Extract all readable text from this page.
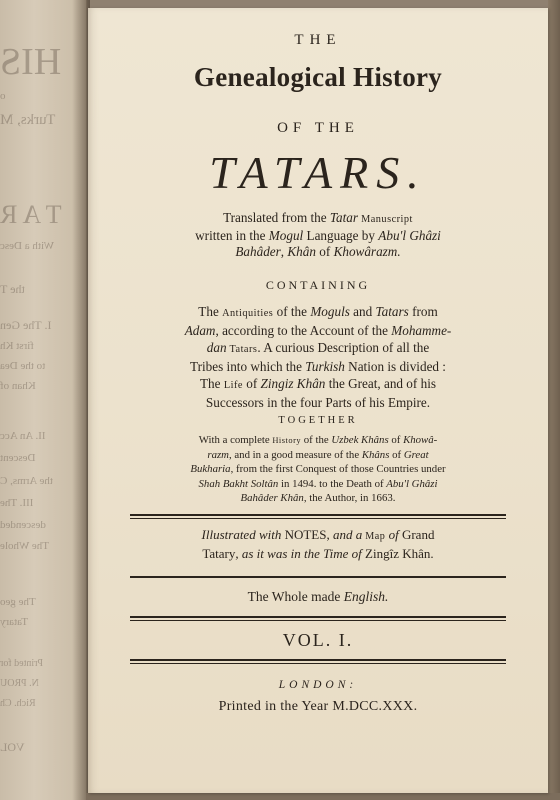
HIS
o
Turks, M
T A R
With a Desc
the T
I. The Gen
first Kh
to the Dea
Khan of
II. An Acc
Descent
the Arms, C
III. The
descended
The Whole
The geo
Tatary
Printed for
N. PROU
Rich. Ch
VOL
THE
Genealogical History
OF THE
TATARS.
Translated from the Tatar Manuscript
written in the Mogul Language by Abu'l Ghâzi
Bahâder, Khân of Khowârazm.
CONTAINING
The Antiquities of the Moguls and Tatars from
Adam, according to the Account of the Mohamme-
dan Tatars. A curious Description of all the
Tribes into which the Turkish Nation is divided :
The Life of Zingiz Khân the Great, and of his
Successors in the four Parts of his Empire.
TOGETHER
With a complete History of the Uzbek Khâns of Khowâ-
razm, and in a good measure of the Khâns of Great
Bukharia, from the first Conquest of those Countries under
Shah Bakht Soltân in 1494. to the Death of Abu'l Ghâzi
Bahâder Khân, the Author, in 1663.
Illustrated with NOTES, and a Map of Grand
Tatary, as it was in the Time of Zingîz Khân.
The Whole made English.
VOL. I.
LONDON:
Printed in the Year M.DCC.XXX.
